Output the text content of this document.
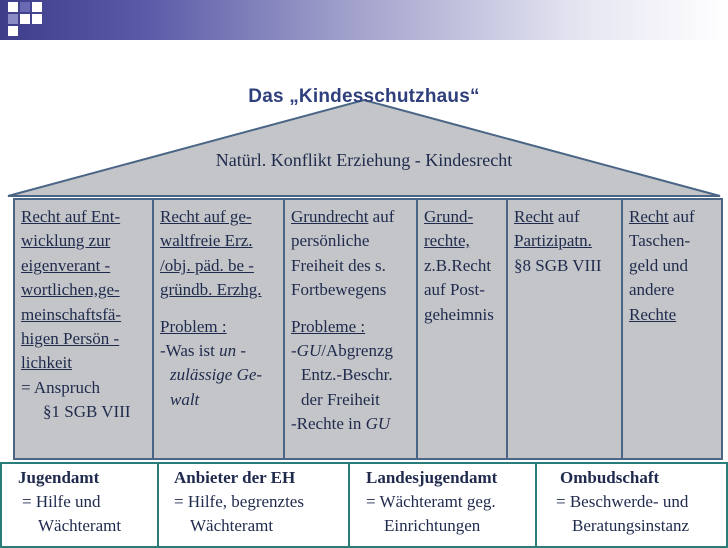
Das „Kindesschutzhaus“
Natürl. Konflikt Erziehung - Kindesrecht
Recht auf Ent-
wicklung zur
eigenverant -
wortlichen,ge-
meinschaftsfä-
higen Persön -
lichkeit
= Anspruch
§1 SGB VIII
Recht auf ge-
waltfreie Erz.
/obj. päd. be -
gründb. Erzhg.
Problem :
-Was ist un -
zulässige Ge-
walt
Grundrecht auf
persönliche
Freiheit des s.
Fortbewegens
Probleme :
-GU/Abgrenzg
Entz.-Beschr.
der Freiheit
-Rechte in GU
Grund-
rechte,
z.B.Recht
auf Post-
geheimnis
Recht auf
Partizipatn.
§8 SGB VIII
Recht auf
Taschen-
geld und
andere
Rechte
Jugendamt
= Hilfe und
Wächteramt
Anbieter der EH
= Hilfe, begrenztes
Wächteramt
Landesjugendamt
= Wächteramt geg.
Einrichtungen
Ombudschaft
= Beschwerde- und
Beratungsinstanz
